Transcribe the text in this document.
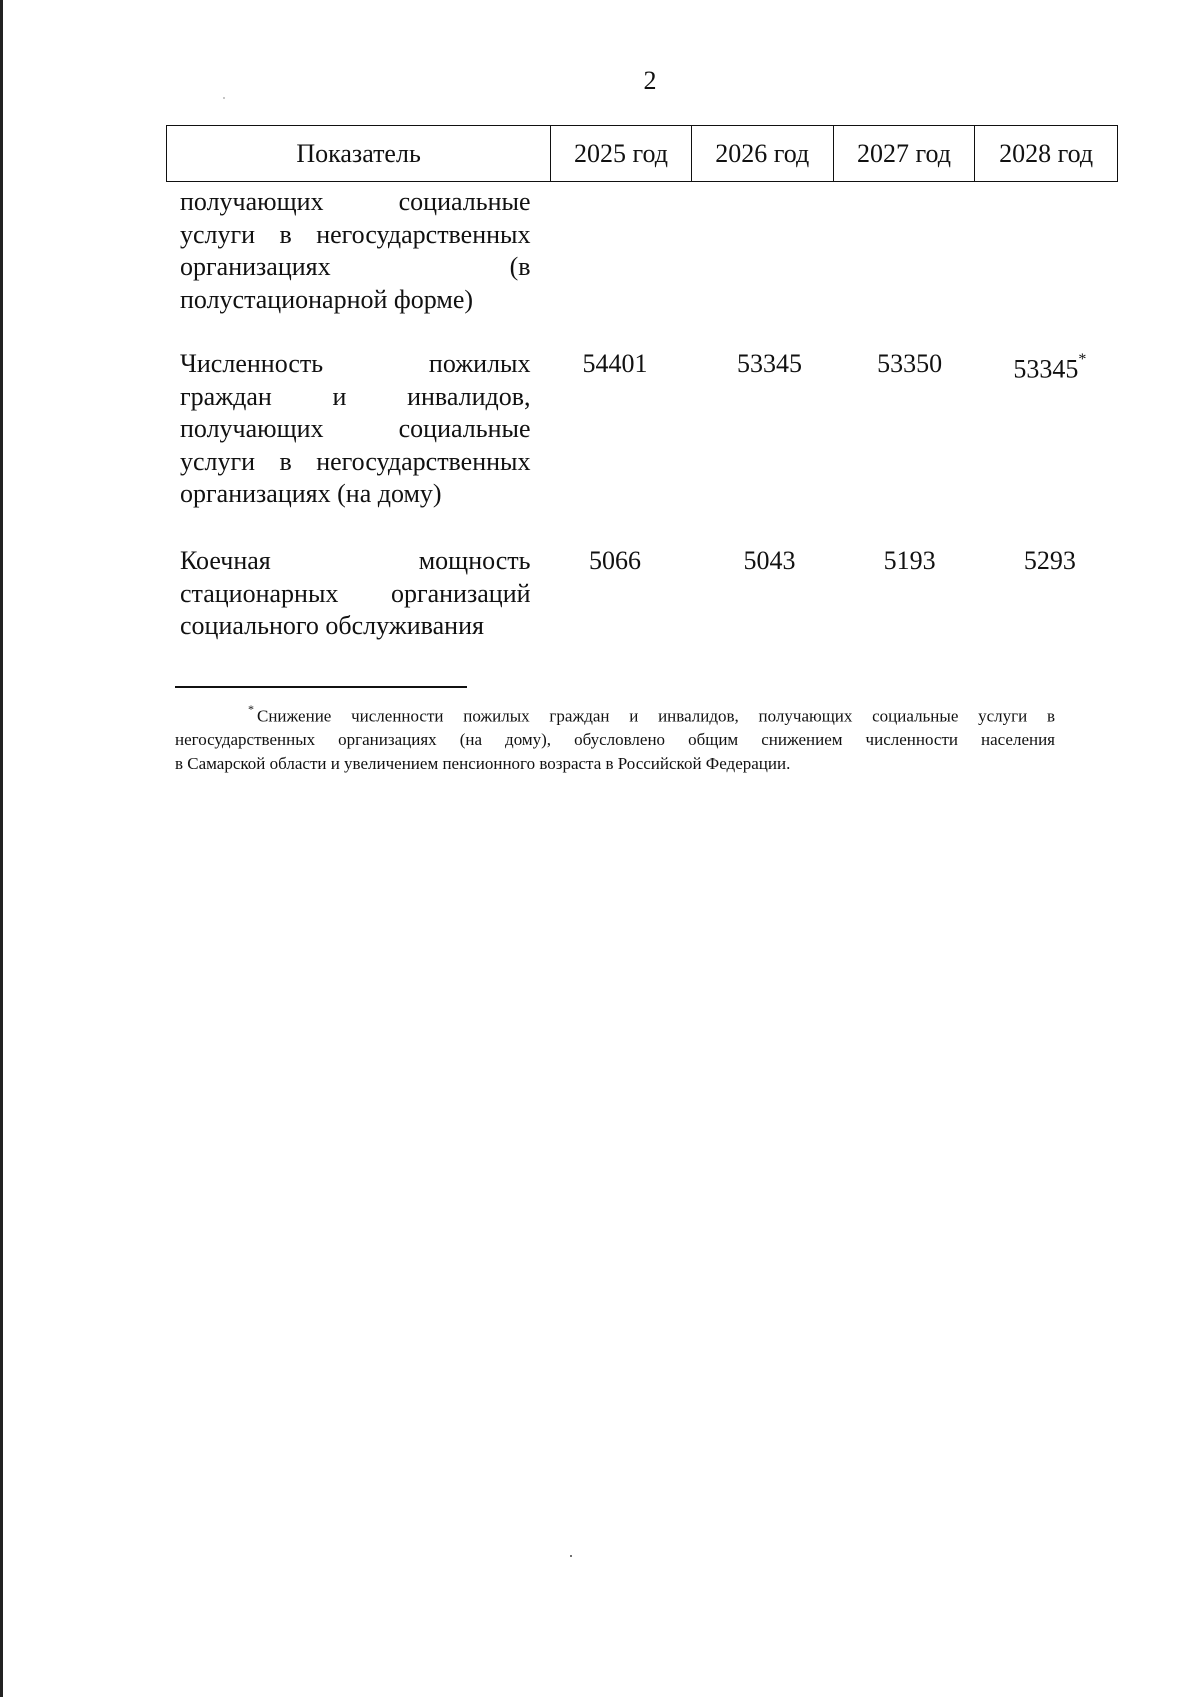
2
Показатель	2025 год	2026 год	2027 год	2028 год
получающих социальные
услуги в негосударственных
организациях (в
полустационарной форме)
Численность пожилых
граждан и инвалидов,
получающих социальные
услуги в негосударственных
организациях (на дому)
54401	53345	53350	53345*
Коечная мощность
стационарных организаций
социального обслуживания
5066	5043	5193	5293
* Снижение численности пожилых граждан и инвалидов, получающих социальные услуги в
негосударственных организациях (на дому), обусловлено общим снижением численности населения
в Самарской области и увеличением пенсионного возраста в Российской Федерации.
